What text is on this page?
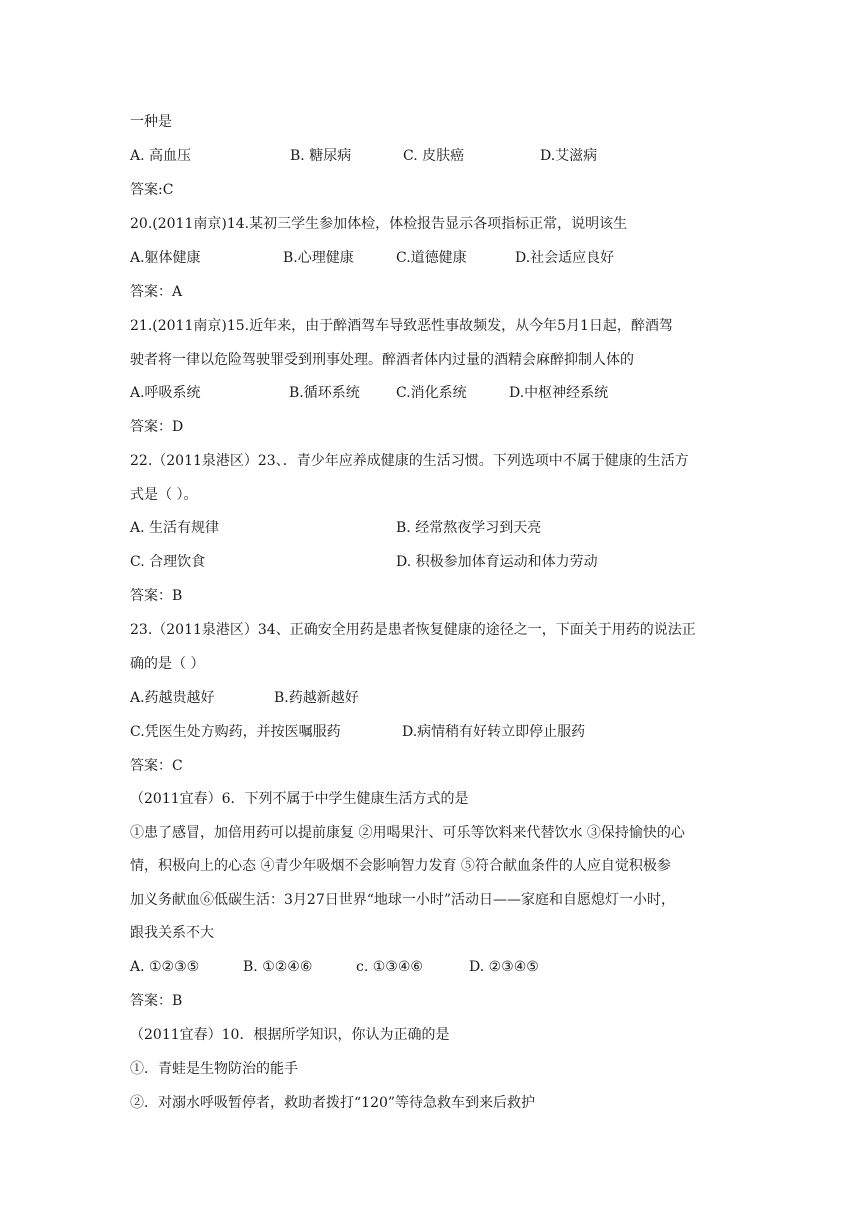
一种是
A. 高血压	B. 糖尿病	C. 皮肤癌	D.艾滋病
答案:C
20.(2011南京)14.某初三学生参加体检，体检报告显示各项指标正常，说明该生
A.躯体健康	B.心理健康	C.道德健康	D.社会适应良好
答案：A
21.(2011南京)15.近年来，由于醉酒驾车导致恶性事故频发，从今年5月1日起，醉酒驾
驶者将一律以危险驾驶罪受到刑事处理。醉酒者体内过量的酒精会麻醉抑制人体的
A.呼吸系统	B.循环系统	C.消化系统	D.中枢神经系统
答案：D
22.（2011泉港区）23、．青少年应养成健康的生活习惯。下列选项中不属于健康的生活方
式是（ ）。
A. 生活有规律	B. 经常熬夜学习到天亮
C. 合理饮食	D. 积极参加体育运动和体力劳动
答案：B
23.（2011泉港区）34、正确安全用药是患者恢复健康的途径之一，下面关于用药的说法正
确的是（ ）
A.药越贵越好	B.药越新越好
C.凭医生处方购药，并按医嘱服药	D.病情稍有好转立即停止服药
答案：C
（2011宜春）6．下列不属于中学生健康生活方式的是
①患了感冒，加倍用药可以提前康复 ②用喝果汁、可乐等饮料来代替饮水 ③保持愉快的心
情，积极向上的心态 ④青少年吸烟不会影响智力发育 ⑤符合献血条件的人应自觉积极参
加义务献血⑥低碳生活：3月27日世界“地球一小时”活动日——家庭和自愿熄灯一小时，
跟我关系不大
A. ①②③⑤	B. ①②④⑥	c. ①③④⑥	D. ②③④⑤
答案：B
（2011宜春）10．根据所学知识，你认为正确的是
①．青蛙是生物防治的能手
②．对溺水呼吸暂停者，救助者拨打“120”等待急救车到来后救护
